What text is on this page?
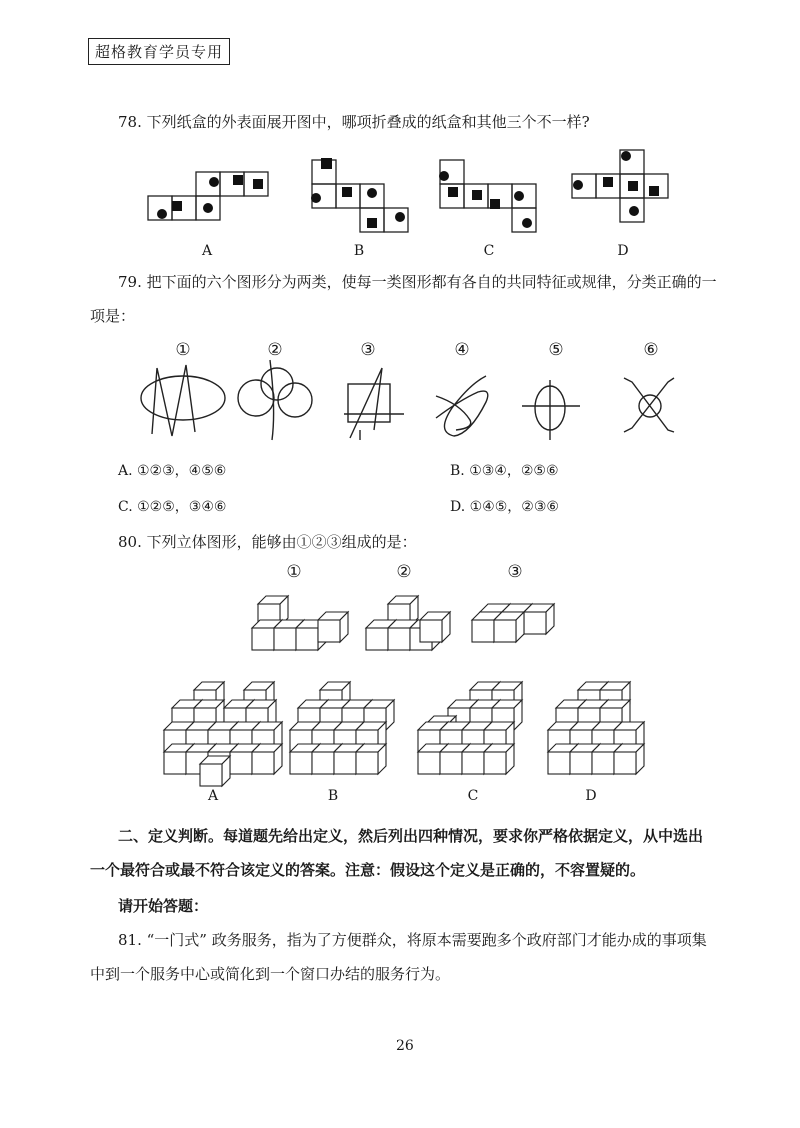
超格教育学员专用
78. 下列纸盒的外表面展开图中，哪项折叠成的纸盒和其他三个不一样?
A	B	C	D
79. 把下面的六个图形分为两类，使每一类图形都有各自的共同特征或规律，分类正确的一
项是：
①	②	③	④	⑤	⑥
A. ①②③，④⑤⑥	B. ①③④，②⑤⑥
C. ①②⑤，③④⑥	D. ①④⑤，②③⑥
80. 下列立体图形，能够由①②③组成的是：
①	②	③
A	B	C	D
二、定义判断。每道题先给出定义，然后列出四种情况，要求你严格依据定义，从中选出
一个最符合或最不符合该定义的答案。注意：假设这个定义是正确的，不容置疑的。
请开始答题：
81. “一门式” 政务服务，指为了方便群众，将原本需要跑多个政府部门才能办成的事项集
中到一个服务中心或简化到一个窗口办结的服务行为。
26
